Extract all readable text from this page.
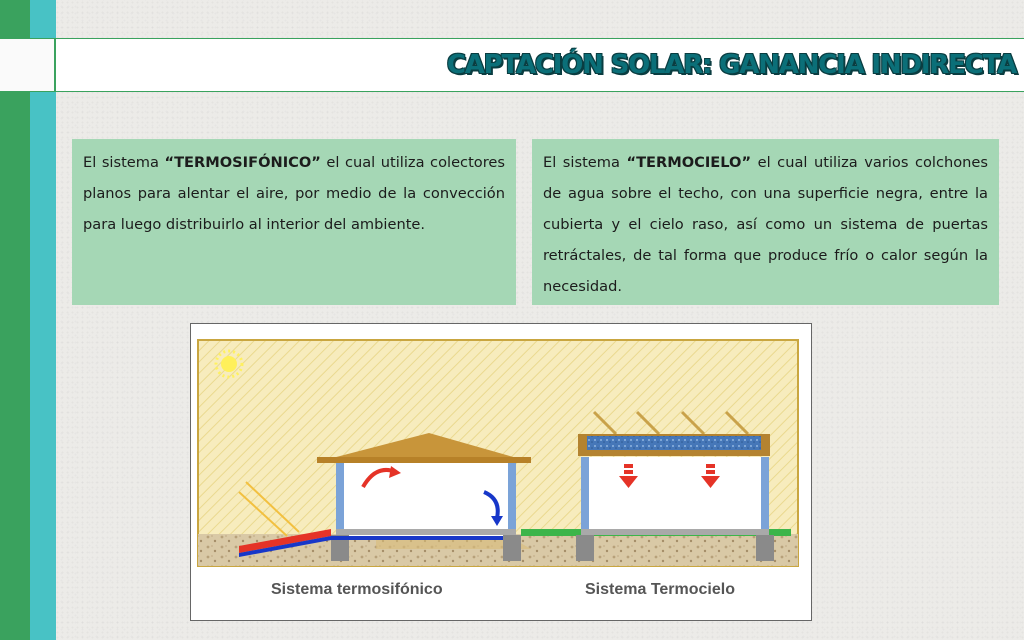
CAPTACIÓN SOLAR: GANANCIA INDIRECTA
El sistema “TERMOSIFÓNICO” el cual utiliza colectores planos para alentar el aire, por medio de la convección para luego distribuirlo al interior del ambiente.
El sistema “TERMOCIELO” el cual utiliza varios colchones de agua sobre el techo, con una superficie negra, entre la cubierta y el cielo raso, así como un sistema de puertas retráctales, de tal forma que produce frío o calor según la necesidad.
Sistema termosifónico	Sistema Termocielo
